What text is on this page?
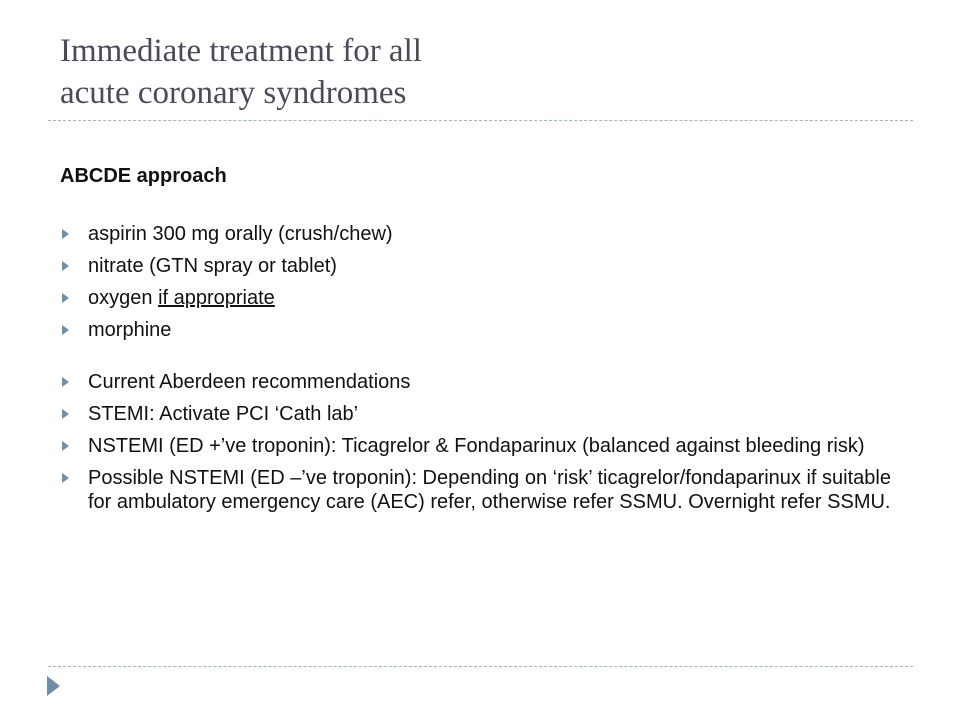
Immediate treatment for all
acute coronary syndromes
ABCDE approach
aspirin 300 mg orally (crush/chew)
nitrate (GTN spray or tablet)
oxygen if appropriate
morphine
Current Aberdeen recommendations
STEMI: Activate PCI ‘Cath lab’
NSTEMI (ED +’ve troponin): Ticagrelor & Fondaparinux (balanced against bleeding risk)
Possible NSTEMI (ED –’ve troponin): Depending on ‘risk’ ticagrelor/fondaparinux if suitable for ambulatory emergency care (AEC) refer, otherwise refer SSMU. Overnight refer SSMU.
